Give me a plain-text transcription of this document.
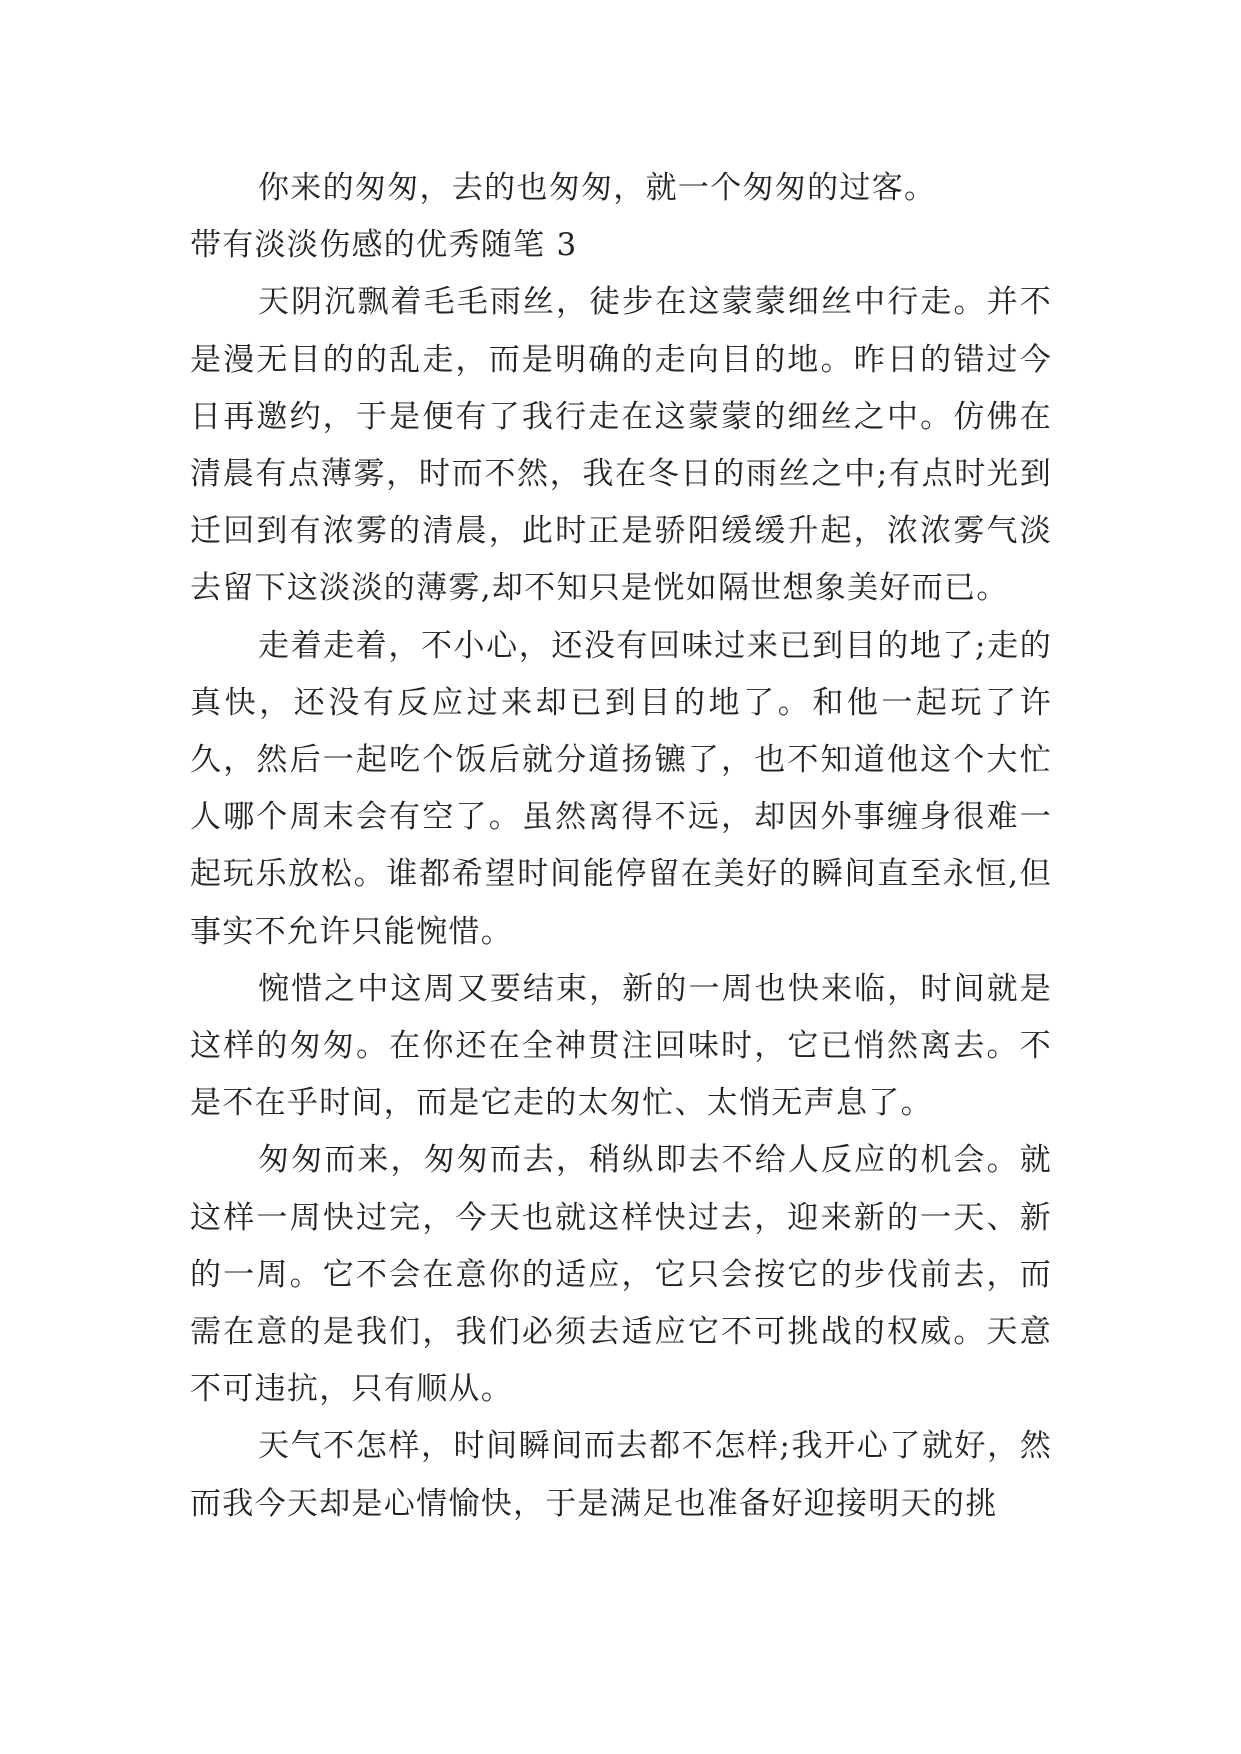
你来的匆匆，去的也匆匆，就一个匆匆的过客。

带有淡淡伤感的优秀随笔 3

天阴沉飘着毛毛雨丝，徒步在这蒙蒙细丝中行走。并不是漫无目的的乱走，而是明确的走向目的地。昨日的错过今日再邀约，于是便有了我行走在这蒙蒙的细丝之中。仿佛在清晨有点薄雾，时而不然，我在冬日的雨丝之中;有点时光到迁回到有浓雾的清晨，此时正是骄阳缓缓升起，浓浓雾气淡去留下这淡淡的薄雾,却不知只是恍如隔世想象美好而已。

走着走着，不小心，还没有回味过来已到目的地了;走的真快，还没有反应过来却已到目的地了。和他一起玩了许久，然后一起吃个饭后就分道扬镳了，也不知道他这个大忙人哪个周末会有空了。虽然离得不远，却因外事缠身很难一起玩乐放松。谁都希望时间能停留在美好的瞬间直至永恒,但事实不允许只能惋惜。

惋惜之中这周又要结束，新的一周也快来临，时间就是这样的匆匆。在你还在全神贯注回味时，它已悄然离去。不是不在乎时间，而是它走的太匆忙、太悄无声息了。

匆匆而来，匆匆而去，稍纵即去不给人反应的机会。就这样一周快过完，今天也就这样快过去，迎来新的一天、新的一周。它不会在意你的适应，它只会按它的步伐前去，而需在意的是我们，我们必须去适应它不可挑战的权威。天意不可违抗，只有顺从。

天气不怎样，时间瞬间而去都不怎样;我开心了就好，然而我今天却是心情愉快，于是满足也准备好迎接明天的挑
